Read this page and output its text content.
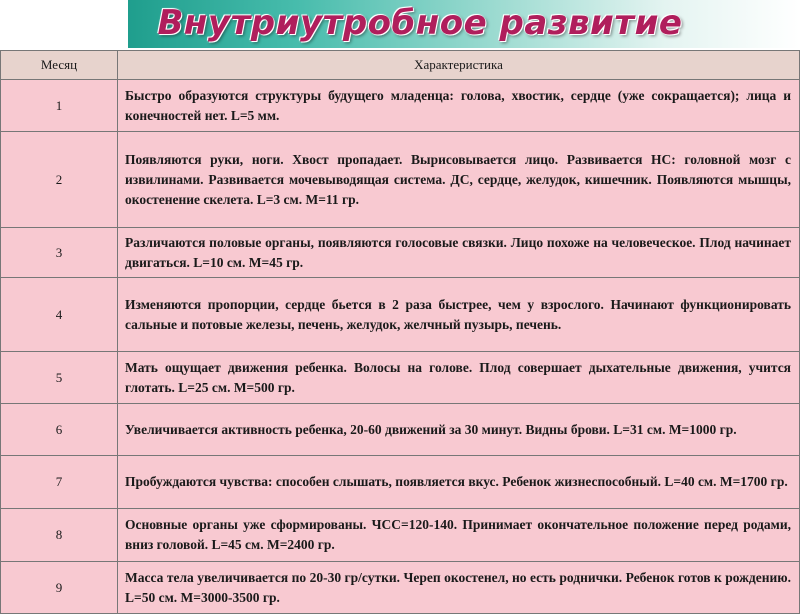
Внутриутробное развитие
Месяц	Характеристика
1	Быстро образуются структуры будущего младенца: голова, хвостик, сердце (уже сокращается); лица и конечностей нет. L=5 мм.
2	Появляются руки, ноги. Хвост пропадает. Вырисовывается лицо. Развивается НС: головной мозг с извилинами. Развивается мочевыводящая система. ДС, сердце, желудок, кишечник. Появляются мышцы, окостенение скелета. L=3 см. M=11 гр.
3	Различаются половые органы, появляются голосовые связки. Лицо похоже на человеческое. Плод начинает двигаться. L=10 см. M=45 гр.
4	Изменяются пропорции, сердце бьется в 2 раза быстрее, чем у взрослого. Начинают функционировать сальные и потовые железы, печень, желудок, желчный пузырь, печень.
5	Мать ощущает движения ребенка. Волосы на голове. Плод совершает дыхательные движения, учится глотать. L=25 см. M=500 гр.
6	Увеличивается активность ребенка, 20-60 движений за 30 минут. Видны брови. L=31 см. M=1000 гр.
7	Пробуждаются чувства: способен слышать, появляется вкус. Ребенок жизнеспособный. L=40 см. M=1700 гр.
8	Основные органы уже сформированы. ЧСС=120-140. Принимает окончательное положение перед родами, вниз головой. L=45 см. M=2400 гр.
9	Масса тела увеличивается по 20-30 гр/сутки. Череп окостенел, но есть роднички. Ребенок готов к рождению. L=50 см. M=3000-3500 гр.
